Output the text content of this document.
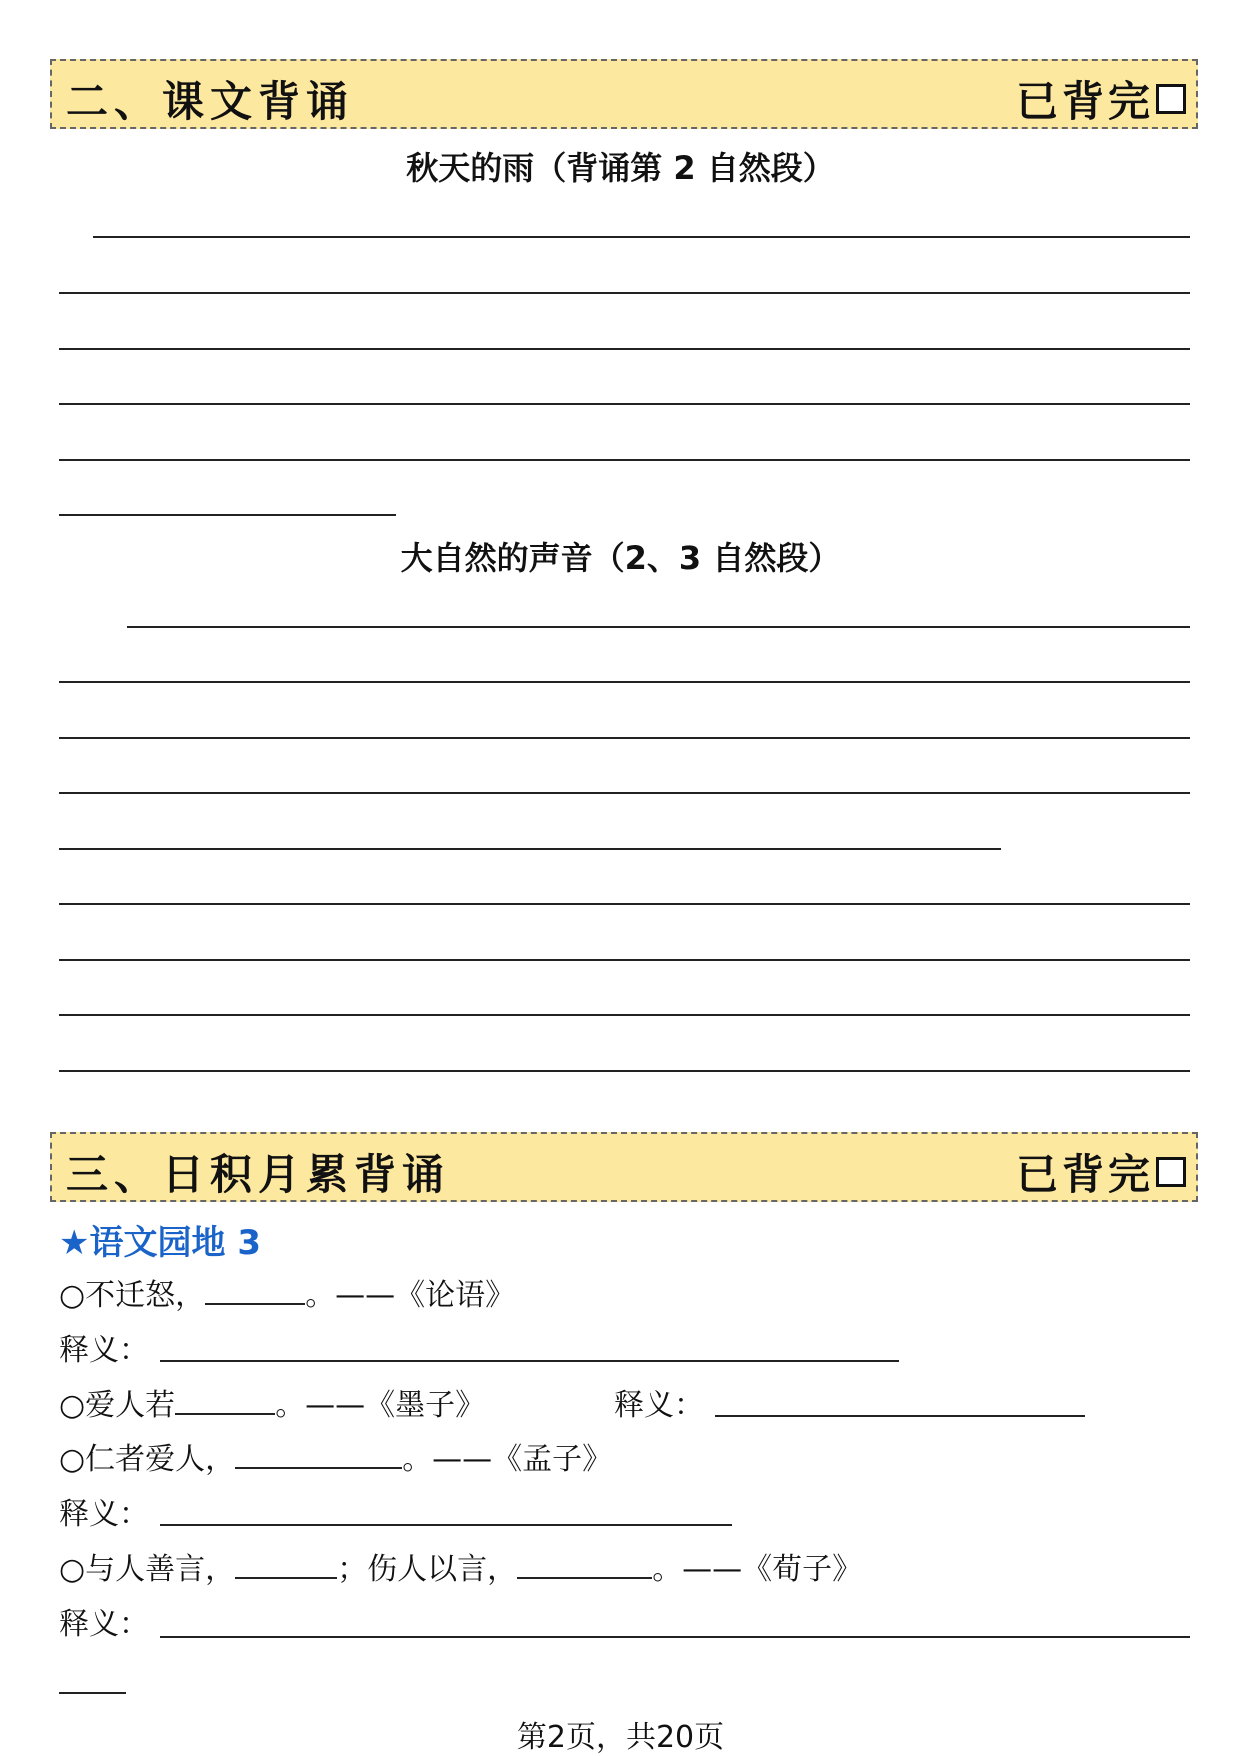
二、课文背诵	已背完
秋天的雨（背诵第 2 自然段）
大自然的声音（2、3 自然段）
三、日积月累背诵	已背完
★语文园地 3
○不迁怒，	。——《论语》
释义：
○爱人若	。——《墨子》	释义：
○仁者爱人，	。——《孟子》
释义：
○与人善言，	；伤人以言，	。——《荀子》
释义：
第2页，共20页
